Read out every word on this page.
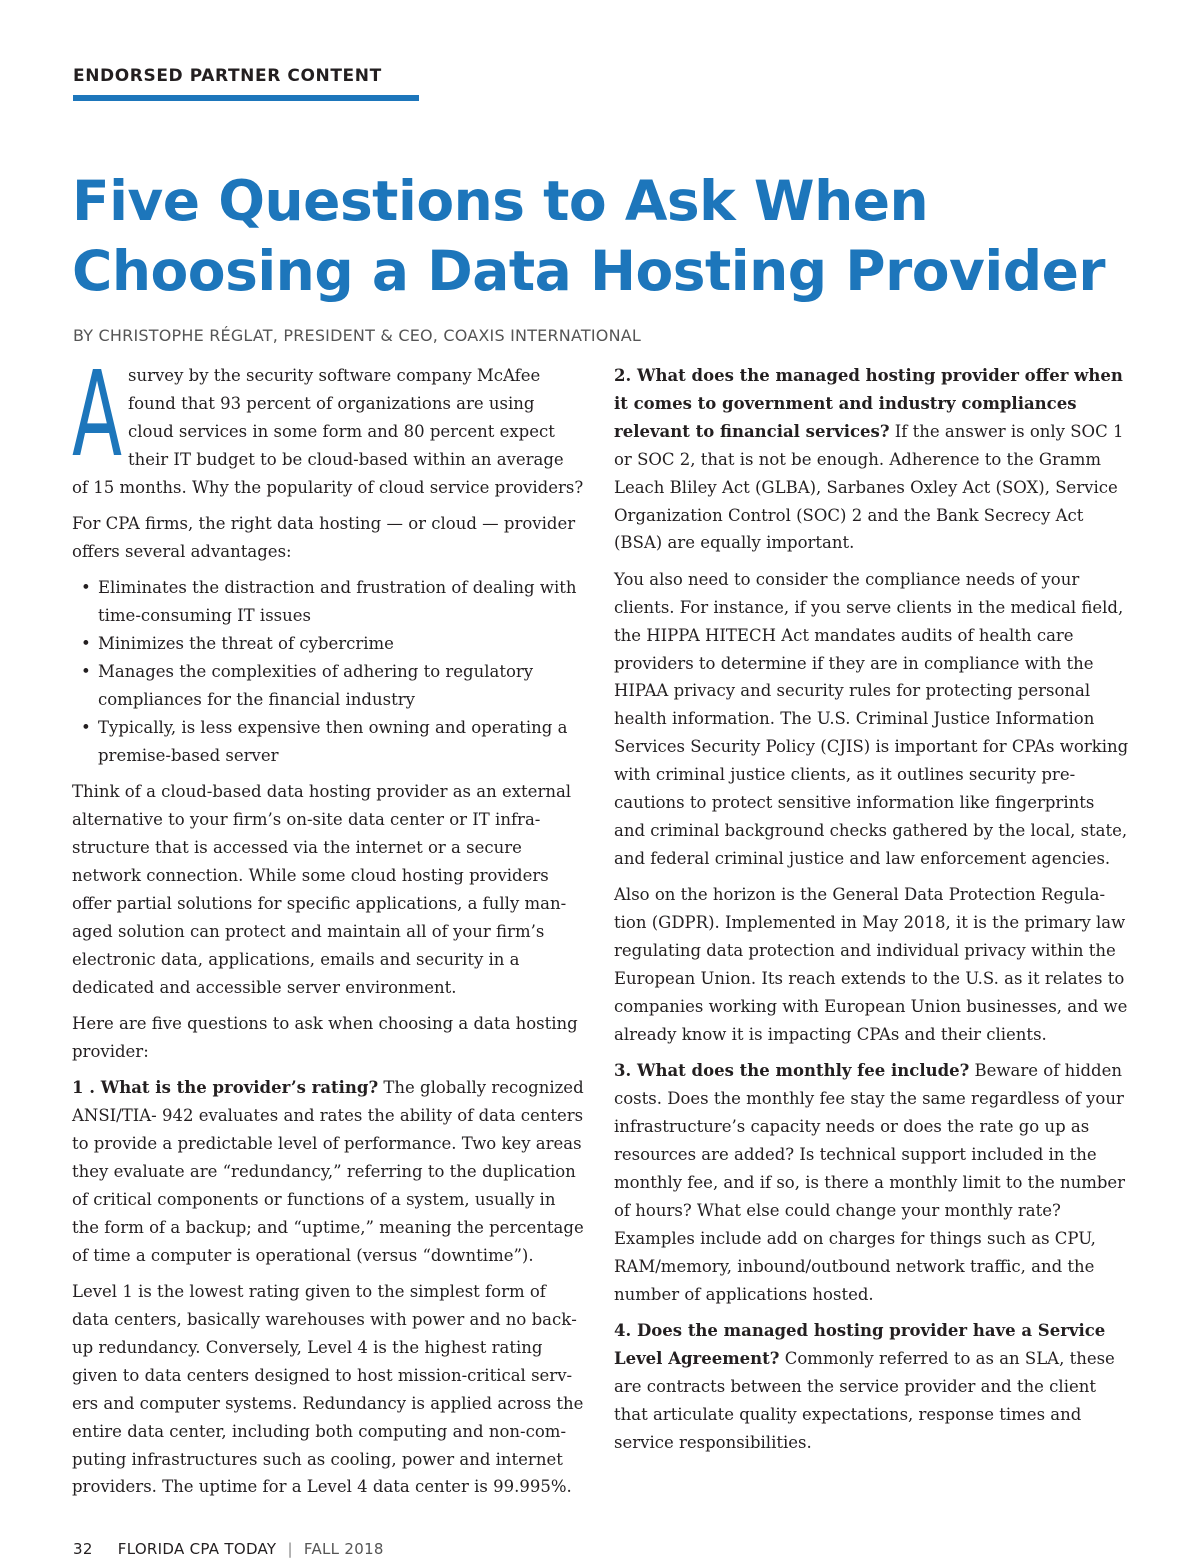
ENDORSED PARTNER CONTENT
Five Questions to Ask When Choosing a Data Hosting Provider
BY CHRISTOPHE RÉGLAT, PRESIDENT & CEO, COAXIS INTERNATIONAL

Asurvey by the security software company McAfee found that 93 percent of organizations are using cloud services in some form and 80 percent expect their IT budget to be cloud-based within an average of 15 months. Why the popularity of cloud service providers?

For CPA firms, the right data hosting — or cloud — provider offers several advantages:

• Eliminates the distraction and frustration of dealing with time-consuming IT issues
• Minimizes the threat of cybercrime
• Manages the complexities of adhering to regulatory compliances for the financial industry
• Typically, is less expensive then owning and operating a premise-based server

Think of a cloud-based data hosting provider as an external alternative to your firm’s on-site data center or IT infrastructure that is accessed via the internet or a secure network connection. While some cloud hosting providers offer partial solutions for specific applications, a fully managed solution can protect and maintain all of your firm’s electronic data, applications, emails and security in a dedicated and accessible server environment.

Here are five questions to ask when choosing a data hosting provider:

1 . What is the provider’s rating? The globally recognized ANSI/TIA- 942 evaluates and rates the ability of data centers to provide a predictable level of performance. Two key areas they evaluate are “redundancy,” referring to the duplication of critical components or functions of a system, usually in the form of a backup; and “uptime,” meaning the percentage of time a computer is operational (versus “downtime”).

Level 1 is the lowest rating given to the simplest form of data centers, basically warehouses with power and no backup redundancy. Conversely, Level 4 is the highest rating given to data centers designed to host mission-critical servers and computer systems. Redundancy is applied across the entire data center, including both computing and non-computing infrastructures such as cooling, power and internet providers. The uptime for a Level 4 data center is 99.995%.

2. What does the managed hosting provider offer when it comes to government and industry compliances relevant to financial services? If the answer is only SOC 1 or SOC 2, that is not be enough. Adherence to the Gramm Leach Bliley Act (GLBA), Sarbanes Oxley Act (SOX), Service Organization Control (SOC) 2 and the Bank Secrecy Act (BSA) are equally important.

You also need to consider the compliance needs of your clients. For instance, if you serve clients in the medical field, the HIPPA HITECH Act mandates audits of health care providers to determine if they are in compliance with the HIPAA privacy and security rules for protecting personal health information. The U.S. Criminal Justice Information Services Security Policy (CJIS) is important for CPAs working with criminal justice clients, as it outlines security precautions to protect sensitive information like fingerprints and criminal background checks gathered by the local, state, and federal criminal justice and law enforcement agencies.

Also on the horizon is the General Data Protection Regulation (GDPR). Implemented in May 2018, it is the primary law regulating data protection and individual privacy within the European Union. Its reach extends to the U.S. as it relates to companies working with European Union businesses, and we already know it is impacting CPAs and their clients.

3. What does the monthly fee include? Beware of hidden costs. Does the monthly fee stay the same regardless of your infrastructure’s capacity needs or does the rate go up as resources are added? Is technical support included in the monthly fee, and if so, is there a monthly limit to the number of hours? What else could change your monthly rate? Examples include add on charges for things such as CPU, RAM/memory, inbound/outbound network traffic, and the number of applications hosted.

4. Does the managed hosting provider have a Service Level Agreement? Commonly referred to as an SLA, these are contracts between the service provider and the client that articulate quality expectations, response times and service responsibilities.

32 FLORIDA CPA TODAY | FALL 2018
